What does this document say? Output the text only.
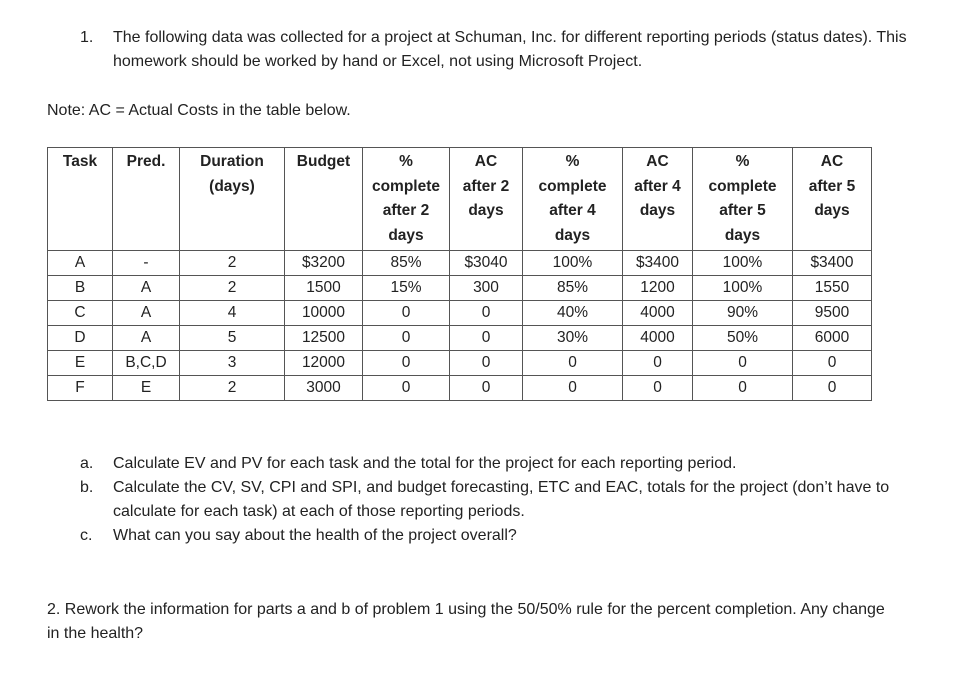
1. The following data was collected for a project at Schuman, Inc. for different reporting periods (status dates). This homework should be worked by hand or Excel, not using Microsoft Project.
Note: AC = Actual Costs in the table below.
Task	Pred.	Duration (days)	Budget	% complete after 2 days	AC after 2 days	% complete after 4 days	AC after 4 days	% complete after 5 days	AC after 5 days
A	-	2	$3200	85%	$3040	100%	$3400	100%	$3400
B	A	2	1500	15%	300	85%	1200	100%	1550
C	A	4	10000	0	0	40%	4000	90%	9500
D	A	5	12500	0	0	30%	4000	50%	6000
E	B,C,D	3	12000	0	0	0	0	0	0
F	E	2	3000	0	0	0	0	0	0
a. Calculate EV and PV for each task and the total for the project for each reporting period.
b. Calculate the CV, SV, CPI and SPI, and budget forecasting, ETC and EAC, totals for the project (don’t have to calculate for each task) at each of those reporting periods.
c. What can you say about the health of the project overall?
2. Rework the information for parts a and b of problem 1 using the 50/50% rule for the percent completion. Any change in the health?
